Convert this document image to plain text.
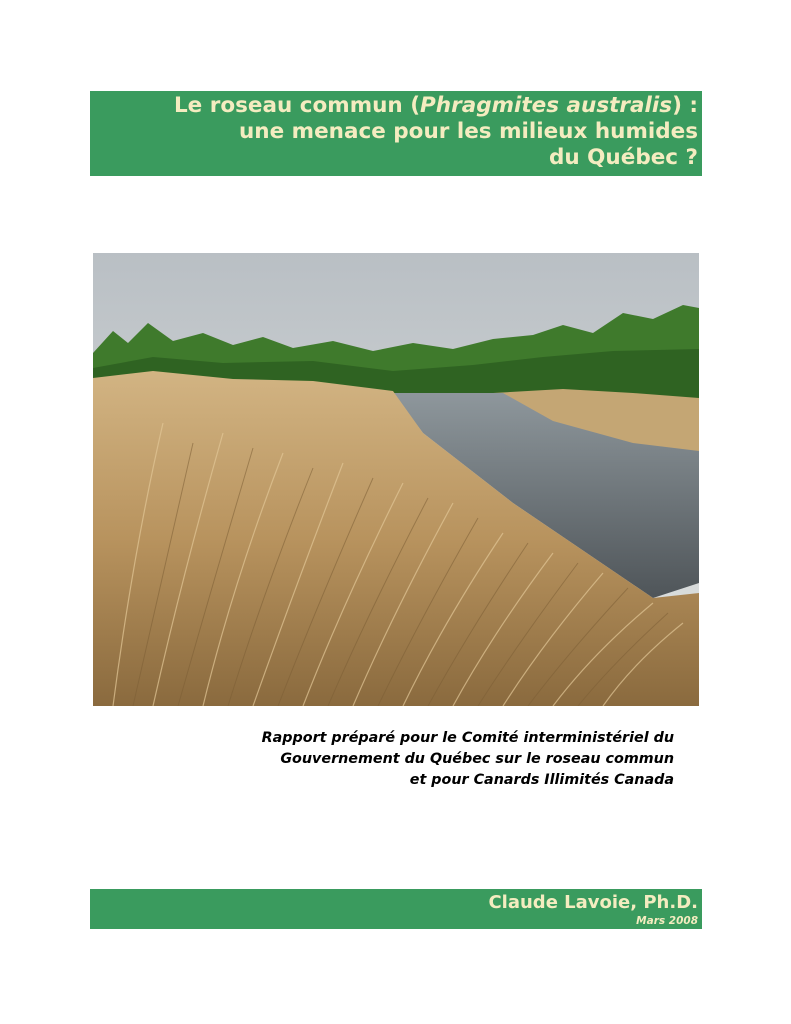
Le roseau commun (Phragmites australis) :
une menace pour les milieux humides
du Québec ?
Rapport préparé pour le Comité interministériel du
Gouvernement du Québec sur le roseau commun
et pour Canards Illimités Canada
Claude Lavoie, Ph.D.
Mars 2008
